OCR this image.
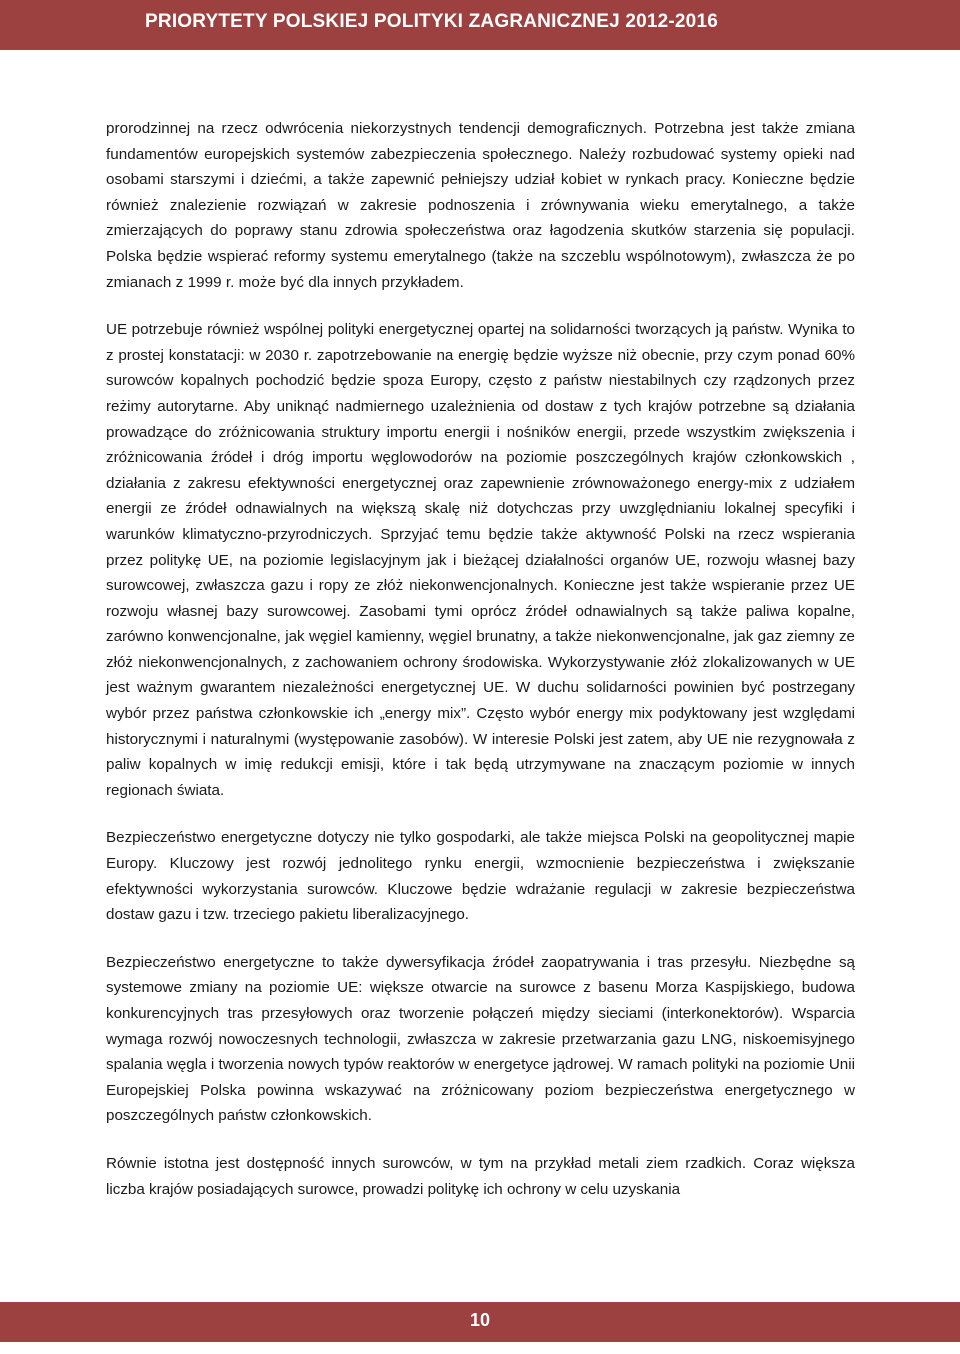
PRIORYTETY POLSKIEJ POLITYKI ZAGRANICZNEJ 2012-2016

prorodzinnej na rzecz odwrócenia niekorzystnych tendencji demograficznych. Potrzebna jest także zmiana fundamentów europejskich systemów zabezpieczenia społecznego. Należy rozbudować systemy opieki nad osobami starszymi i dziećmi, a także zapewnić pełniejszy udział kobiet w rynkach pracy. Konieczne będzie również znalezienie rozwiązań w zakresie podnoszenia i zrównywania wieku emerytalnego, a także zmierzających do poprawy stanu zdrowia społeczeństwa oraz łagodzenia skutków starzenia się populacji. Polska będzie wspierać reformy systemu emerytalnego (także na szczeblu wspólnotowym), zwłaszcza że po zmianach z 1999 r. może być dla innych przykładem.

UE potrzebuje również wspólnej polityki energetycznej opartej na solidarności tworzących ją państw. Wynika to z prostej konstatacji: w 2030 r. zapotrzebowanie na energię będzie wyższe niż obecnie, przy czym ponad 60% surowców kopalnych pochodzić będzie spoza Europy, często z państw niestabilnych czy rządzonych przez reżimy autorytarne. Aby uniknąć nadmiernego uzależnienia od dostaw z tych krajów potrzebne są działania prowadzące do zróżnicowania struktury importu energii i nośników energii, przede wszystkim zwiększenia i zróżnicowania źródeł i dróg importu węglowodorów na poziomie poszczególnych krajów członkowskich , działania z zakresu efektywności energetycznej oraz zapewnienie zrównoważonego energy-mix z udziałem energii ze źródeł odnawialnych na większą skalę niż dotychczas przy uwzględnianiu lokalnej specyfiki i warunków klimatyczno-przyrodniczych. Sprzyjać temu będzie także aktywność Polski na rzecz wspierania przez politykę UE, na poziomie legislacyjnym jak i bieżącej działalności organów UE, rozwoju własnej bazy surowcowej, zwłaszcza gazu i ropy ze złóż niekonwencjonalnych. Konieczne jest także wspieranie przez UE rozwoju własnej bazy surowcowej. Zasobami tymi oprócz źródeł odnawialnych są także paliwa kopalne, zarówno konwencjonalne, jak węgiel kamienny, węgiel brunatny, a także niekonwencjonalne, jak gaz ziemny ze złóż niekonwencjonalnych, z zachowaniem ochrony środowiska. Wykorzystywanie złóż zlokalizowanych w UE jest ważnym gwarantem niezależności energetycznej UE. W duchu solidarności powinien być postrzegany wybór przez państwa członkowskie ich „energy mix”. Często wybór energy mix podyktowany jest względami historycznymi i naturalnymi (występowanie zasobów). W interesie Polski jest zatem, aby UE nie rezygnowała z paliw kopalnych w imię redukcji emisji, które i tak będą utrzymywane na znaczącym poziomie w innych regionach świata.

Bezpieczeństwo energetyczne dotyczy nie tylko gospodarki, ale także miejsca Polski na geopolitycznej mapie Europy. Kluczowy jest rozwój jednolitego rynku energii, wzmocnienie bezpieczeństwa i zwiększanie efektywności wykorzystania surowców. Kluczowe będzie wdrażanie regulacji w zakresie bezpieczeństwa dostaw gazu i tzw. trzeciego pakietu liberalizacyjnego.

Bezpieczeństwo energetyczne to także dywersyfikacja źródeł zaopatrywania i tras przesyłu. Niezbędne są systemowe zmiany na poziomie UE: większe otwarcie na surowce z basenu Morza Kaspijskiego, budowa konkurencyjnych tras przesyłowych oraz tworzenie połączeń między sieciami (interkonektorów). Wsparcia wymaga rozwój nowoczesnych technologii, zwłaszcza w zakresie przetwarzania gazu LNG, niskoemisyjnego spalania węgla i tworzenia nowych typów reaktorów w energetyce jądrowej. W ramach polityki na poziomie Unii Europejskiej Polska powinna wskazywać na zróżnicowany poziom bezpieczeństwa energetycznego w poszczególnych państw członkowskich.

Równie istotna jest dostępność innych surowców, w tym na przykład metali ziem rzadkich. Coraz większa liczba krajów posiadających surowce, prowadzi politykę ich ochrony w celu uzyskania

10
